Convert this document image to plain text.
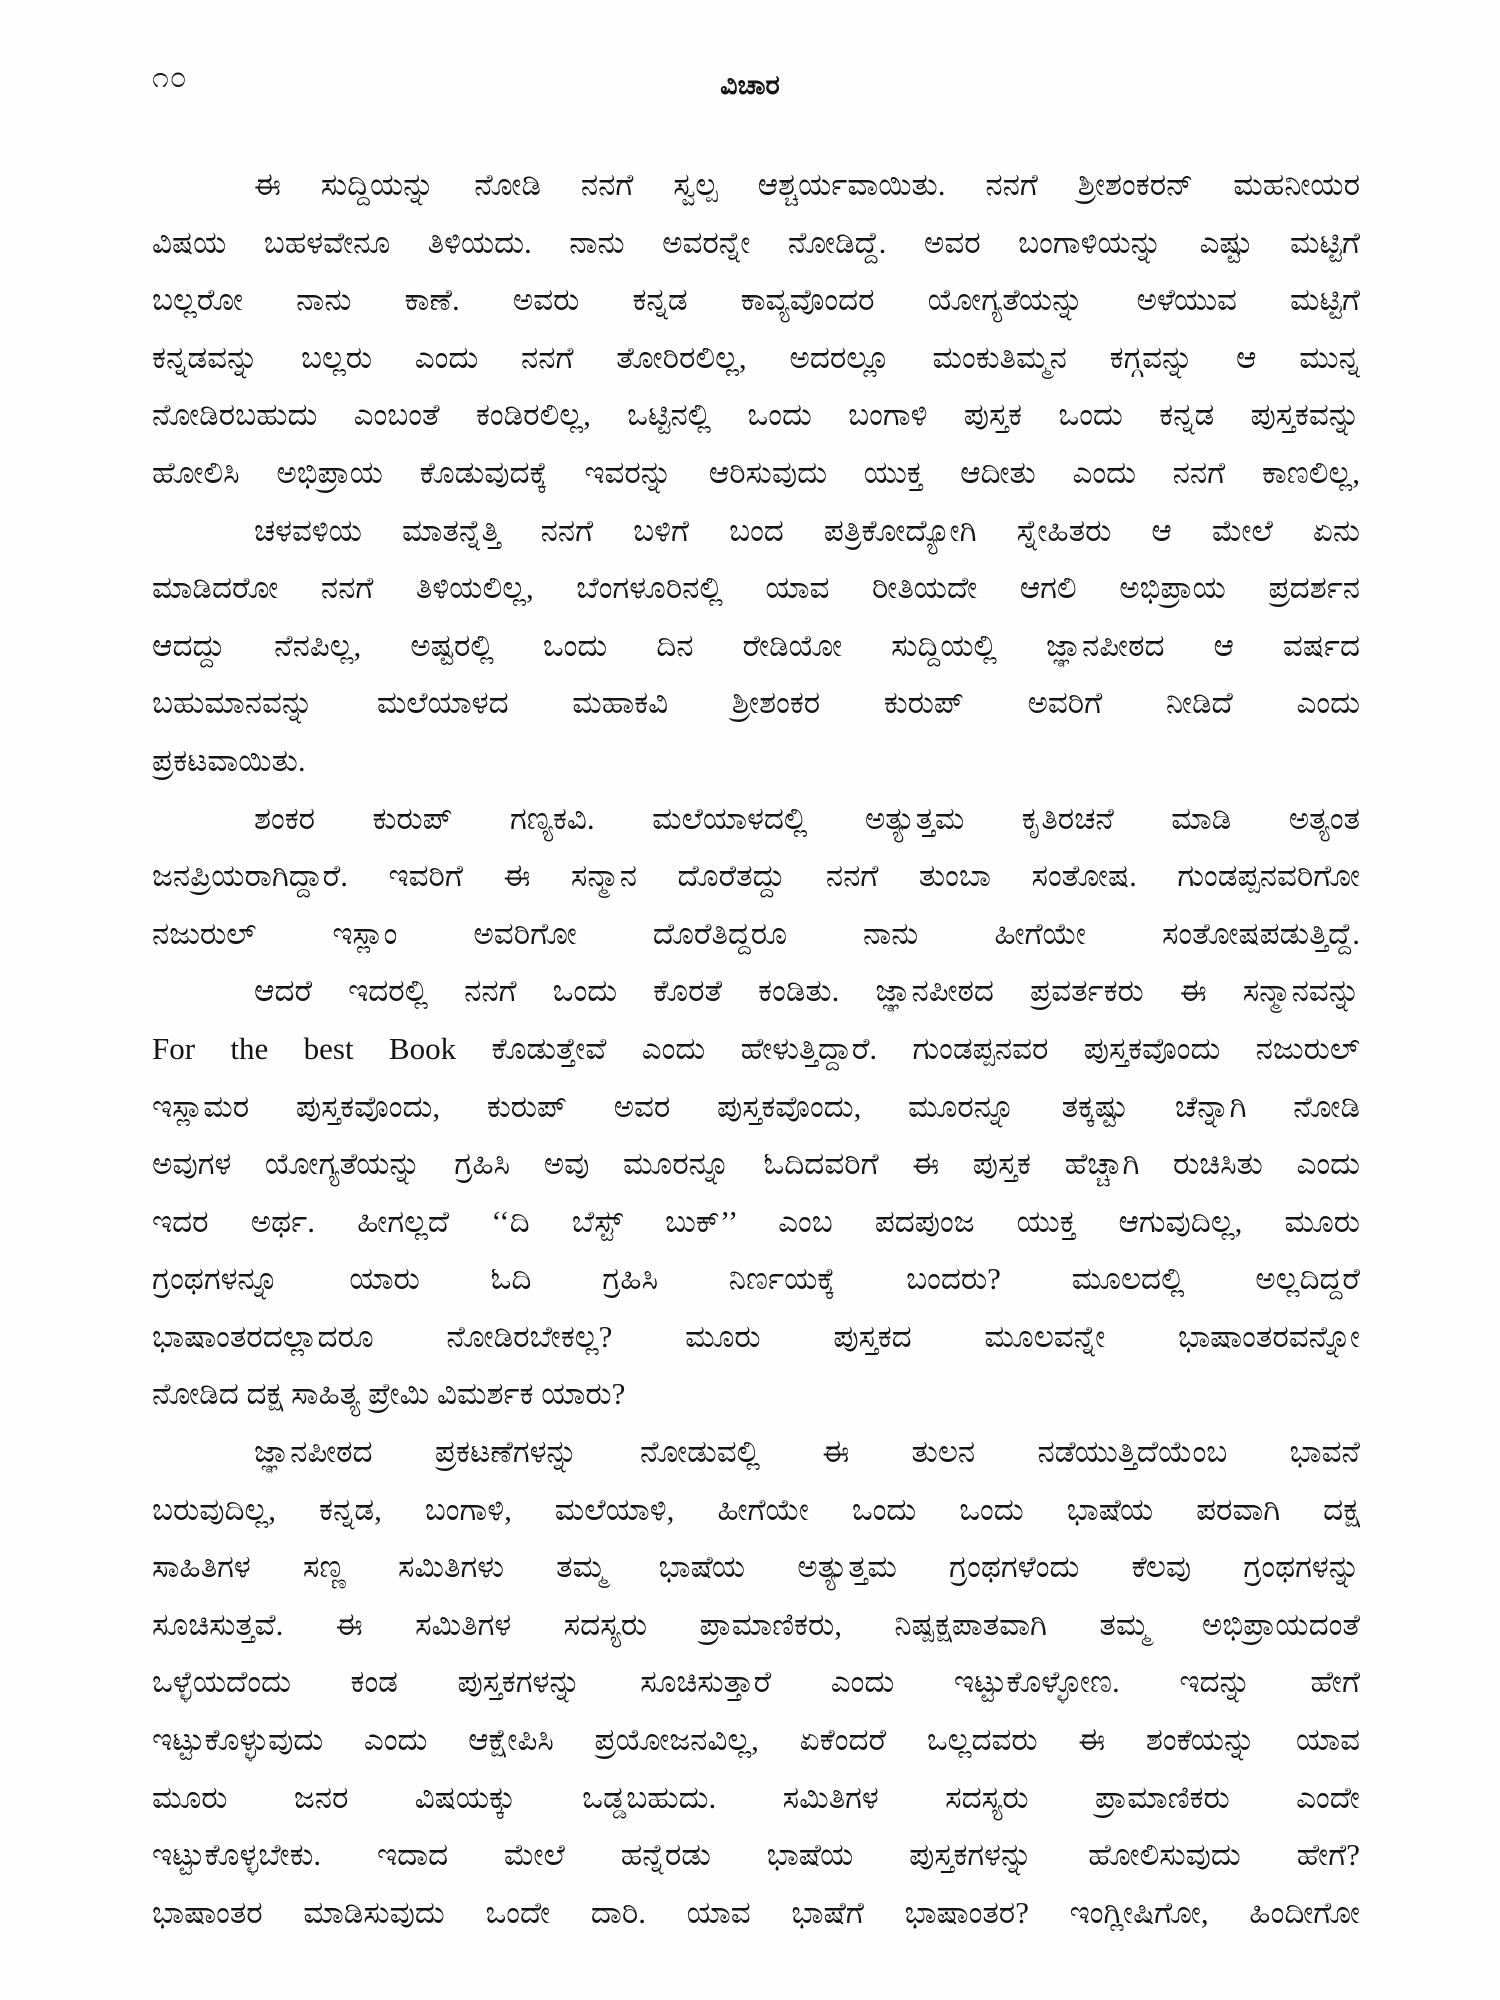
೧೦	ವಿಚಾರ
ಈ ಸುದ್ದಿಯನ್ನು ನೋಡಿ ನನಗೆ ಸ್ವಲ್ಪ ಆಶ್ಚರ್ಯವಾಯಿತು. ನನಗೆ ಶ್ರೀಶಂಕರನ್ ಮಹನೀಯರ
ವಿಷಯ ಬಹಳವೇನೂ ತಿಳಿಯದು. ನಾನು ಅವರನ್ನೇ ನೋಡಿದ್ದೆ. ಅವರ ಬಂಗಾಳಿಯನ್ನು ಎಷ್ಟು ಮಟ್ಟಿಗೆ
ಬಲ್ಲರೋ ನಾನು ಕಾಣೆ. ಅವರು ಕನ್ನಡ ಕಾವ್ಯವೊಂದರ ಯೋಗ್ಯತೆಯನ್ನು ಅಳೆಯುವ ಮಟ್ಟಿಗೆ
ಕನ್ನಡವನ್ನು ಬಲ್ಲರು ಎಂದು ನನಗೆ ತೋರಿರಲಿಲ್ಲ, ಅದರಲ್ಲೂ ಮಂಕುತಿಮ್ಮನ ಕಗ್ಗವನ್ನು ಆ ಮುನ್ನ
ನೋಡಿರಬಹುದು ಎಂಬಂತೆ ಕಂಡಿರಲಿಲ್ಲ, ಒಟ್ಟಿನಲ್ಲಿ ಒಂದು ಬಂಗಾಳಿ ಪುಸ್ತಕ ಒಂದು ಕನ್ನಡ ಪುಸ್ತಕವನ್ನು
ಹೋಲಿಸಿ ಅಭಿಪ್ರಾಯ ಕೊಡುವುದಕ್ಕೆ ಇವರನ್ನು ಆರಿಸುವುದು ಯುಕ್ತ ಆದೀತು ಎಂದು ನನಗೆ ಕಾಣಲಿಲ್ಲ,
ಚಳವಳಿಯ ಮಾತನ್ನೆತ್ತಿ ನನಗೆ ಬಳಿಗೆ ಬಂದ ಪತ್ರಿಕೋದ್ಯೋಗಿ ಸ್ನೇಹಿತರು ಆ ಮೇಲೆ ಏನು
ಮಾಡಿದರೋ ನನಗೆ ತಿಳಿಯಲಿಲ್ಲ, ಬೆಂಗಳೂರಿನಲ್ಲಿ ಯಾವ ರೀತಿಯದೇ ಆಗಲಿ ಅಭಿಪ್ರಾಯ ಪ್ರದರ್ಶನ
ಆದದ್ದು ನೆನಪಿಲ್ಲ, ಅಷ್ಟರಲ್ಲಿ ಒಂದು ದಿನ ರೇಡಿಯೋ ಸುದ್ದಿಯಲ್ಲಿ ಜ್ಞಾನಪೀಠದ ಆ ವರ್ಷದ
ಬಹುಮಾನವನ್ನು ಮಲೆಯಾಳದ ಮಹಾಕವಿ ಶ್ರೀಶಂಕರ ಕುರುಪ್ ಅವರಿಗೆ ನೀಡಿದೆ ಎಂದು
ಪ್ರಕಟವಾಯಿತು.
ಶಂಕರ ಕುರುಪ್ ಗಣ್ಯಕವಿ. ಮಲೆಯಾಳದಲ್ಲಿ ಅತ್ಯುತ್ತಮ ಕೃತಿರಚನೆ ಮಾಡಿ ಅತ್ಯಂತ
ಜನಪ್ರಿಯರಾಗಿದ್ದಾರೆ. ಇವರಿಗೆ ಈ ಸನ್ಮಾನ ದೊರೆತದ್ದು ನನಗೆ ತುಂಬಾ ಸಂತೋಷ. ಗುಂಡಪ್ಪನವರಿಗೋ
ನಜುರುಲ್ ಇಸ್ಲಾಂ ಅವರಿಗೋ ದೊರೆತಿದ್ದರೂ ನಾನು ಹೀಗೆಯೇ ಸಂತೋಷಪಡುತ್ತಿದ್ದೆ.
ಆದರೆ ಇದರಲ್ಲಿ ನನಗೆ ಒಂದು ಕೊರತೆ ಕಂಡಿತು. ಜ್ಞಾನಪೀಠದ ಪ್ರವರ್ತಕರು ಈ ಸನ್ಮಾನವನ್ನು
For the best Book ಕೊಡುತ್ತೇವೆ ಎಂದು ಹೇಳುತ್ತಿದ್ದಾರೆ. ಗುಂಡಪ್ಪನವರ ಪುಸ್ತಕವೊಂದು ನಜುರುಲ್
ಇಸ್ಲಾಮರ ಪುಸ್ತಕವೊಂದು, ಕುರುಪ್ ಅವರ ಪುಸ್ತಕವೊಂದು, ಮೂರನ್ನೂ ತಕ್ಕಷ್ಟು ಚೆನ್ನಾಗಿ ನೋಡಿ
ಅವುಗಳ ಯೋಗ್ಯತೆಯನ್ನು ಗ್ರಹಿಸಿ ಅವು ಮೂರನ್ನೂ ಓದಿದವರಿಗೆ ಈ ಪುಸ್ತಕ ಹೆಚ್ಚಾಗಿ ರುಚಿಸಿತು ಎಂದು
ಇದರ ಅರ್ಥ. ಹೀಗಲ್ಲದೆ ‘‘ದಿ ಬೆಸ್ಟ್ ಬುಕ್’’ ಎಂಬ ಪದಪುಂಜ ಯುಕ್ತ ಆಗುವುದಿಲ್ಲ, ಮೂರು
ಗ್ರಂಥಗಳನ್ನೂ ಯಾರು ಓದಿ ಗ್ರಹಿಸಿ ನಿರ್ಣಯಕ್ಕೆ ಬಂದರು? ಮೂಲದಲ್ಲಿ ಅಲ್ಲದಿದ್ದರೆ
ಭಾಷಾಂತರದಲ್ಲಾದರೂ ನೋಡಿರಬೇಕಲ್ಲ? ಮೂರು ಪುಸ್ತಕದ ಮೂಲವನ್ನೇ ಭಾಷಾಂತರವನ್ನೋ
ನೋಡಿದ ದಕ್ಷ ಸಾಹಿತ್ಯ ಪ್ರೇಮಿ ವಿಮರ್ಶಕ ಯಾರು?
ಜ್ಞಾನಪೀಠದ ಪ್ರಕಟಣೆಗಳನ್ನು ನೋಡುವಲ್ಲಿ ಈ ತುಲನ ನಡೆಯುತ್ತಿದೆಯೆಂಬ ಭಾವನೆ
ಬರುವುದಿಲ್ಲ, ಕನ್ನಡ, ಬಂಗಾಳಿ, ಮಲೆಯಾಳಿ, ಹೀಗೆಯೇ ಒಂದು ಒಂದು ಭಾಷೆಯ ಪರವಾಗಿ ದಕ್ಷ
ಸಾಹಿತಿಗಳ ಸಣ್ಣ ಸಮಿತಿಗಳು ತಮ್ಮ ಭಾಷೆಯ ಅತ್ಯುತ್ತಮ ಗ್ರಂಥಗಳೆಂದು ಕೆಲವು ಗ್ರಂಥಗಳನ್ನು
ಸೂಚಿಸುತ್ತವೆ. ಈ ಸಮಿತಿಗಳ ಸದಸ್ಯರು ಪ್ರಾಮಾಣಿಕರು, ನಿಷ್ಪಕ್ಷಪಾತವಾಗಿ ತಮ್ಮ ಅಭಿಪ್ರಾಯದಂತೆ
ಒಳ್ಳೆಯದೆಂದು ಕಂಡ ಪುಸ್ತಕಗಳನ್ನು ಸೂಚಿಸುತ್ತಾರೆ ಎಂದು ಇಟ್ಟುಕೊಳ್ಳೋಣ. ಇದನ್ನು ಹೇಗೆ
ಇಟ್ಟುಕೊಳ್ಳುವುದು ಎಂದು ಆಕ್ಷೇಪಿಸಿ ಪ್ರಯೋಜನವಿಲ್ಲ, ಏಕೆಂದರೆ ಒಲ್ಲದವರು ಈ ಶಂಕೆಯನ್ನು ಯಾವ
ಮೂರು ಜನರ ವಿಷಯಕ್ಕು ಒಡ್ಡಬಹುದು. ಸಮಿತಿಗಳ ಸದಸ್ಯರು ಪ್ರಾಮಾಣಿಕರು ಎಂದೇ
ಇಟ್ಟುಕೊಳ್ಳಬೇಕು. ಇದಾದ ಮೇಲೆ ಹನ್ನೆರಡು ಭಾಷೆಯ ಪುಸ್ತಕಗಳನ್ನು ಹೋಲಿಸುವುದು ಹೇಗೆ?
ಭಾಷಾಂತರ ಮಾಡಿಸುವುದು ಒಂದೇ ದಾರಿ. ಯಾವ ಭಾಷೆಗೆ ಭಾಷಾಂತರ? ಇಂಗ್ಲೀಷಿಗೋ, ಹಿಂದೀಗೋ
